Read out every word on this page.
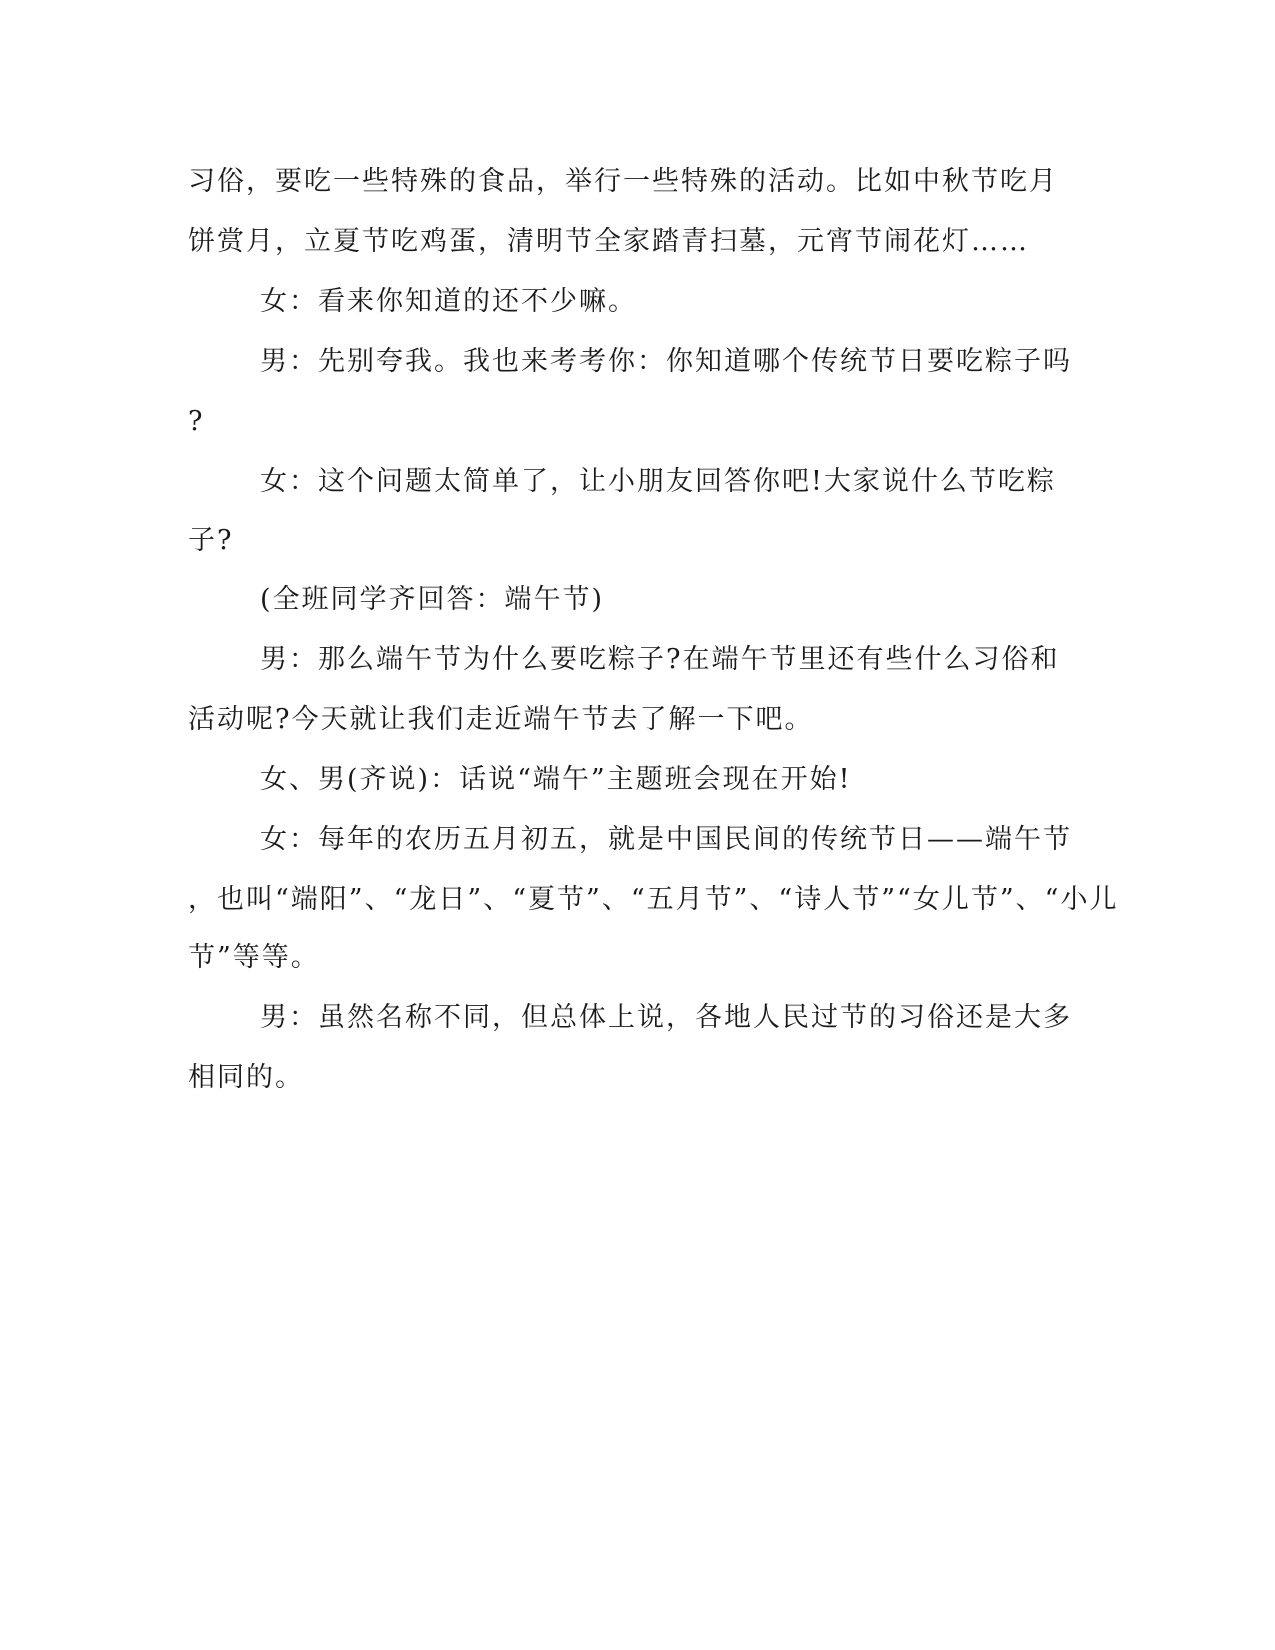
习俗，要吃一些特殊的食品，举行一些特殊的活动。比如中秋节吃月
饼赏月，立夏节吃鸡蛋，清明节全家踏青扫墓，元宵节闹花灯……
女：看来你知道的还不少嘛。
男：先别夸我。我也来考考你：你知道哪个传统节日要吃粽子吗
?
女：这个问题太简单了，让小朋友回答你吧!大家说什么节吃粽
子?
(全班同学齐回答：端午节)
男：那么端午节为什么要吃粽子?在端午节里还有些什么习俗和
活动呢?今天就让我们走近端午节去了解一下吧。
女、男(齐说)：话说“端午”主题班会现在开始!
女：每年的农历五月初五，就是中国民间的传统节日——端午节
，也叫“端阳”、“龙日”、“夏节”、“五月节”、“诗人节”“女儿节”、“小儿
节”等等。
男：虽然名称不同，但总体上说，各地人民过节的习俗还是大多
相同的。
